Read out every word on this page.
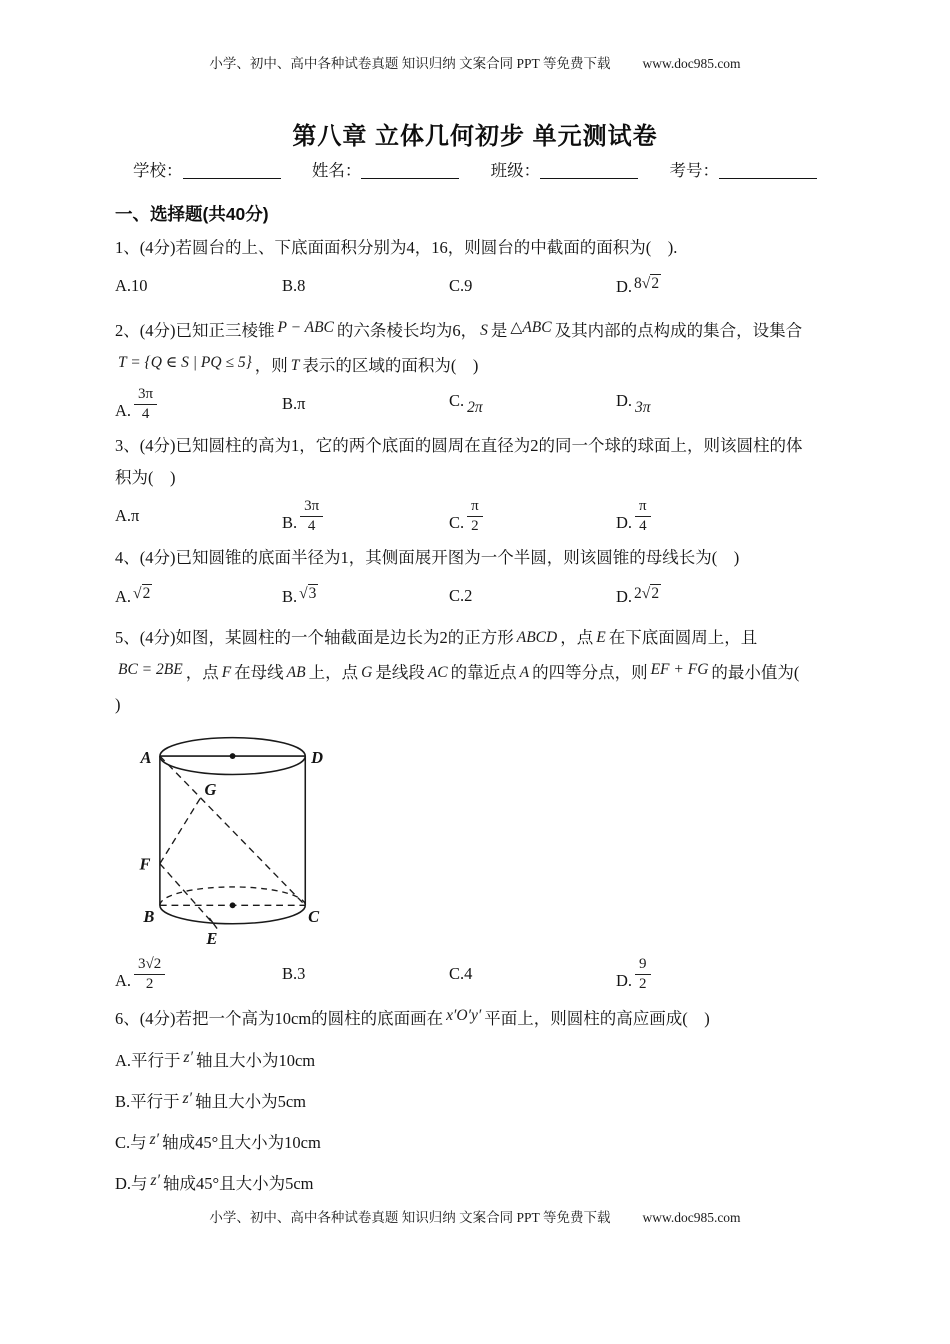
小学、初中、高中各种试卷真题 知识归纳 文案合同 PPT 等免费下载 www.doc985.com
第八章 立体几何初步 单元测试卷
学校：	姓名：	班级：	考号：
一、选择题(共40分)
1、(4分)若圆台的上、下底面面积分别为4，16，则圆台的中截面的面积为(　).
A.10	B.8	C.9	D. 8√2
2、(4分)已知正三棱锥 P − ABC 的六条棱长均为6， S 是 △ABC 及其内部的点构成的集合，设集合
T = {Q ∈ S | PQ ≤ 5} ，则 T 表示的区域的面积为(　)
A. $\frac{3\pi}{4}$	B.π	C. 2π	D. 3π
3、(4分)已知圆柱的高为1，它的两个底面的圆周在直径为2的同一个球的球面上，则该圆柱的体
积为(　)
A.π	B. $\frac{3\pi}{4}$	C. $\frac{\pi}{2}$	D. $\frac{\pi}{4}$
4、(4分)已知圆锥的底面半径为1，其侧面展开图为一个半圆，则该圆锥的母线长为(　)
A. √2	B. √3	C.2	D. 2√2
5、(4分)如图，某圆柱的一个轴截面是边长为2的正方形 ABCD ，点 E 在下底面圆周上，且
BC = 2BE ，点 F 在母线 AB 上，点 G 是线段 AC 的靠近点 A 的四等分点，则 EF + FG 的最小值为(
)
A	D
G
F
B
E
C
A. $\frac{3√2}{2}$	B.3	C.4	D. $\frac{9}{2}$
6、(4分)若把一个高为10cm的圆柱的底面画在 x′O′y′ 平面上，则圆柱的高应画成(　)
A.平行于 z′ 轴且大小为10cm
B.平行于 z′ 轴且大小为5cm
C.与 z′ 轴成45°且大小为10cm
D.与 z′ 轴成45°且大小为5cm
小学、初中、高中各种试卷真题 知识归纳 文案合同 PPT 等免费下载 www.doc985.com
